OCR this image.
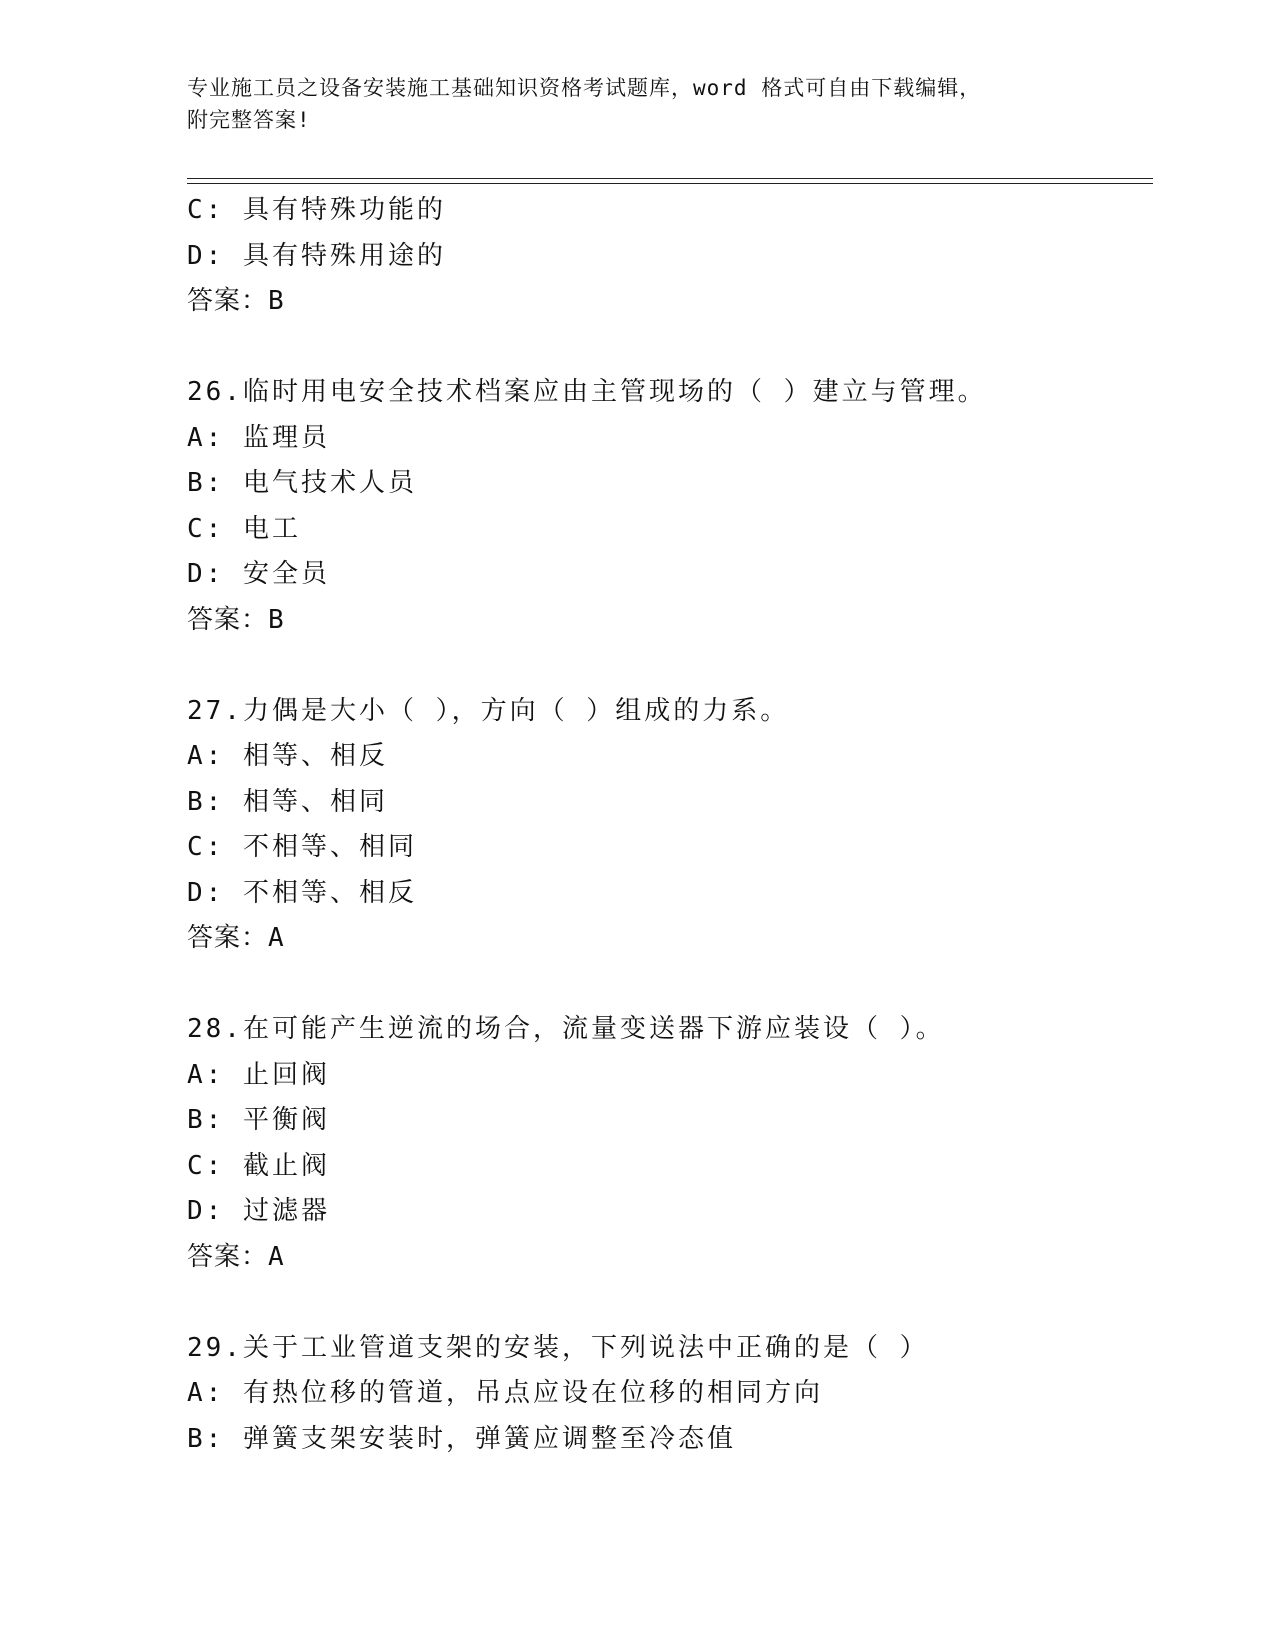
专业施工员之设备安装施工基础知识资格考试题库，word 格式可自由下载编辑，
附完整答案!
C: 具有特殊功能的
D: 具有特殊用途的
答案：B
26.临时用电安全技术档案应由主管现场的（ ）建立与管理。
A: 监理员
B: 电气技术人员
C: 电工
D: 安全员
答案：B
27.力偶是大小（ ），方向（ ）组成的力系。
A: 相等、相反
B: 相等、相同
C: 不相等、相同
D: 不相等、相反
答案：A
28.在可能产生逆流的场合，流量变送器下游应装设（ ）。
A: 止回阀
B: 平衡阀
C: 截止阀
D: 过滤器
答案：A
29.关于工业管道支架的安装，下列说法中正确的是（ ）
A: 有热位移的管道，吊点应设在位移的相同方向
B: 弹簧支架安装时，弹簧应调整至冷态值
